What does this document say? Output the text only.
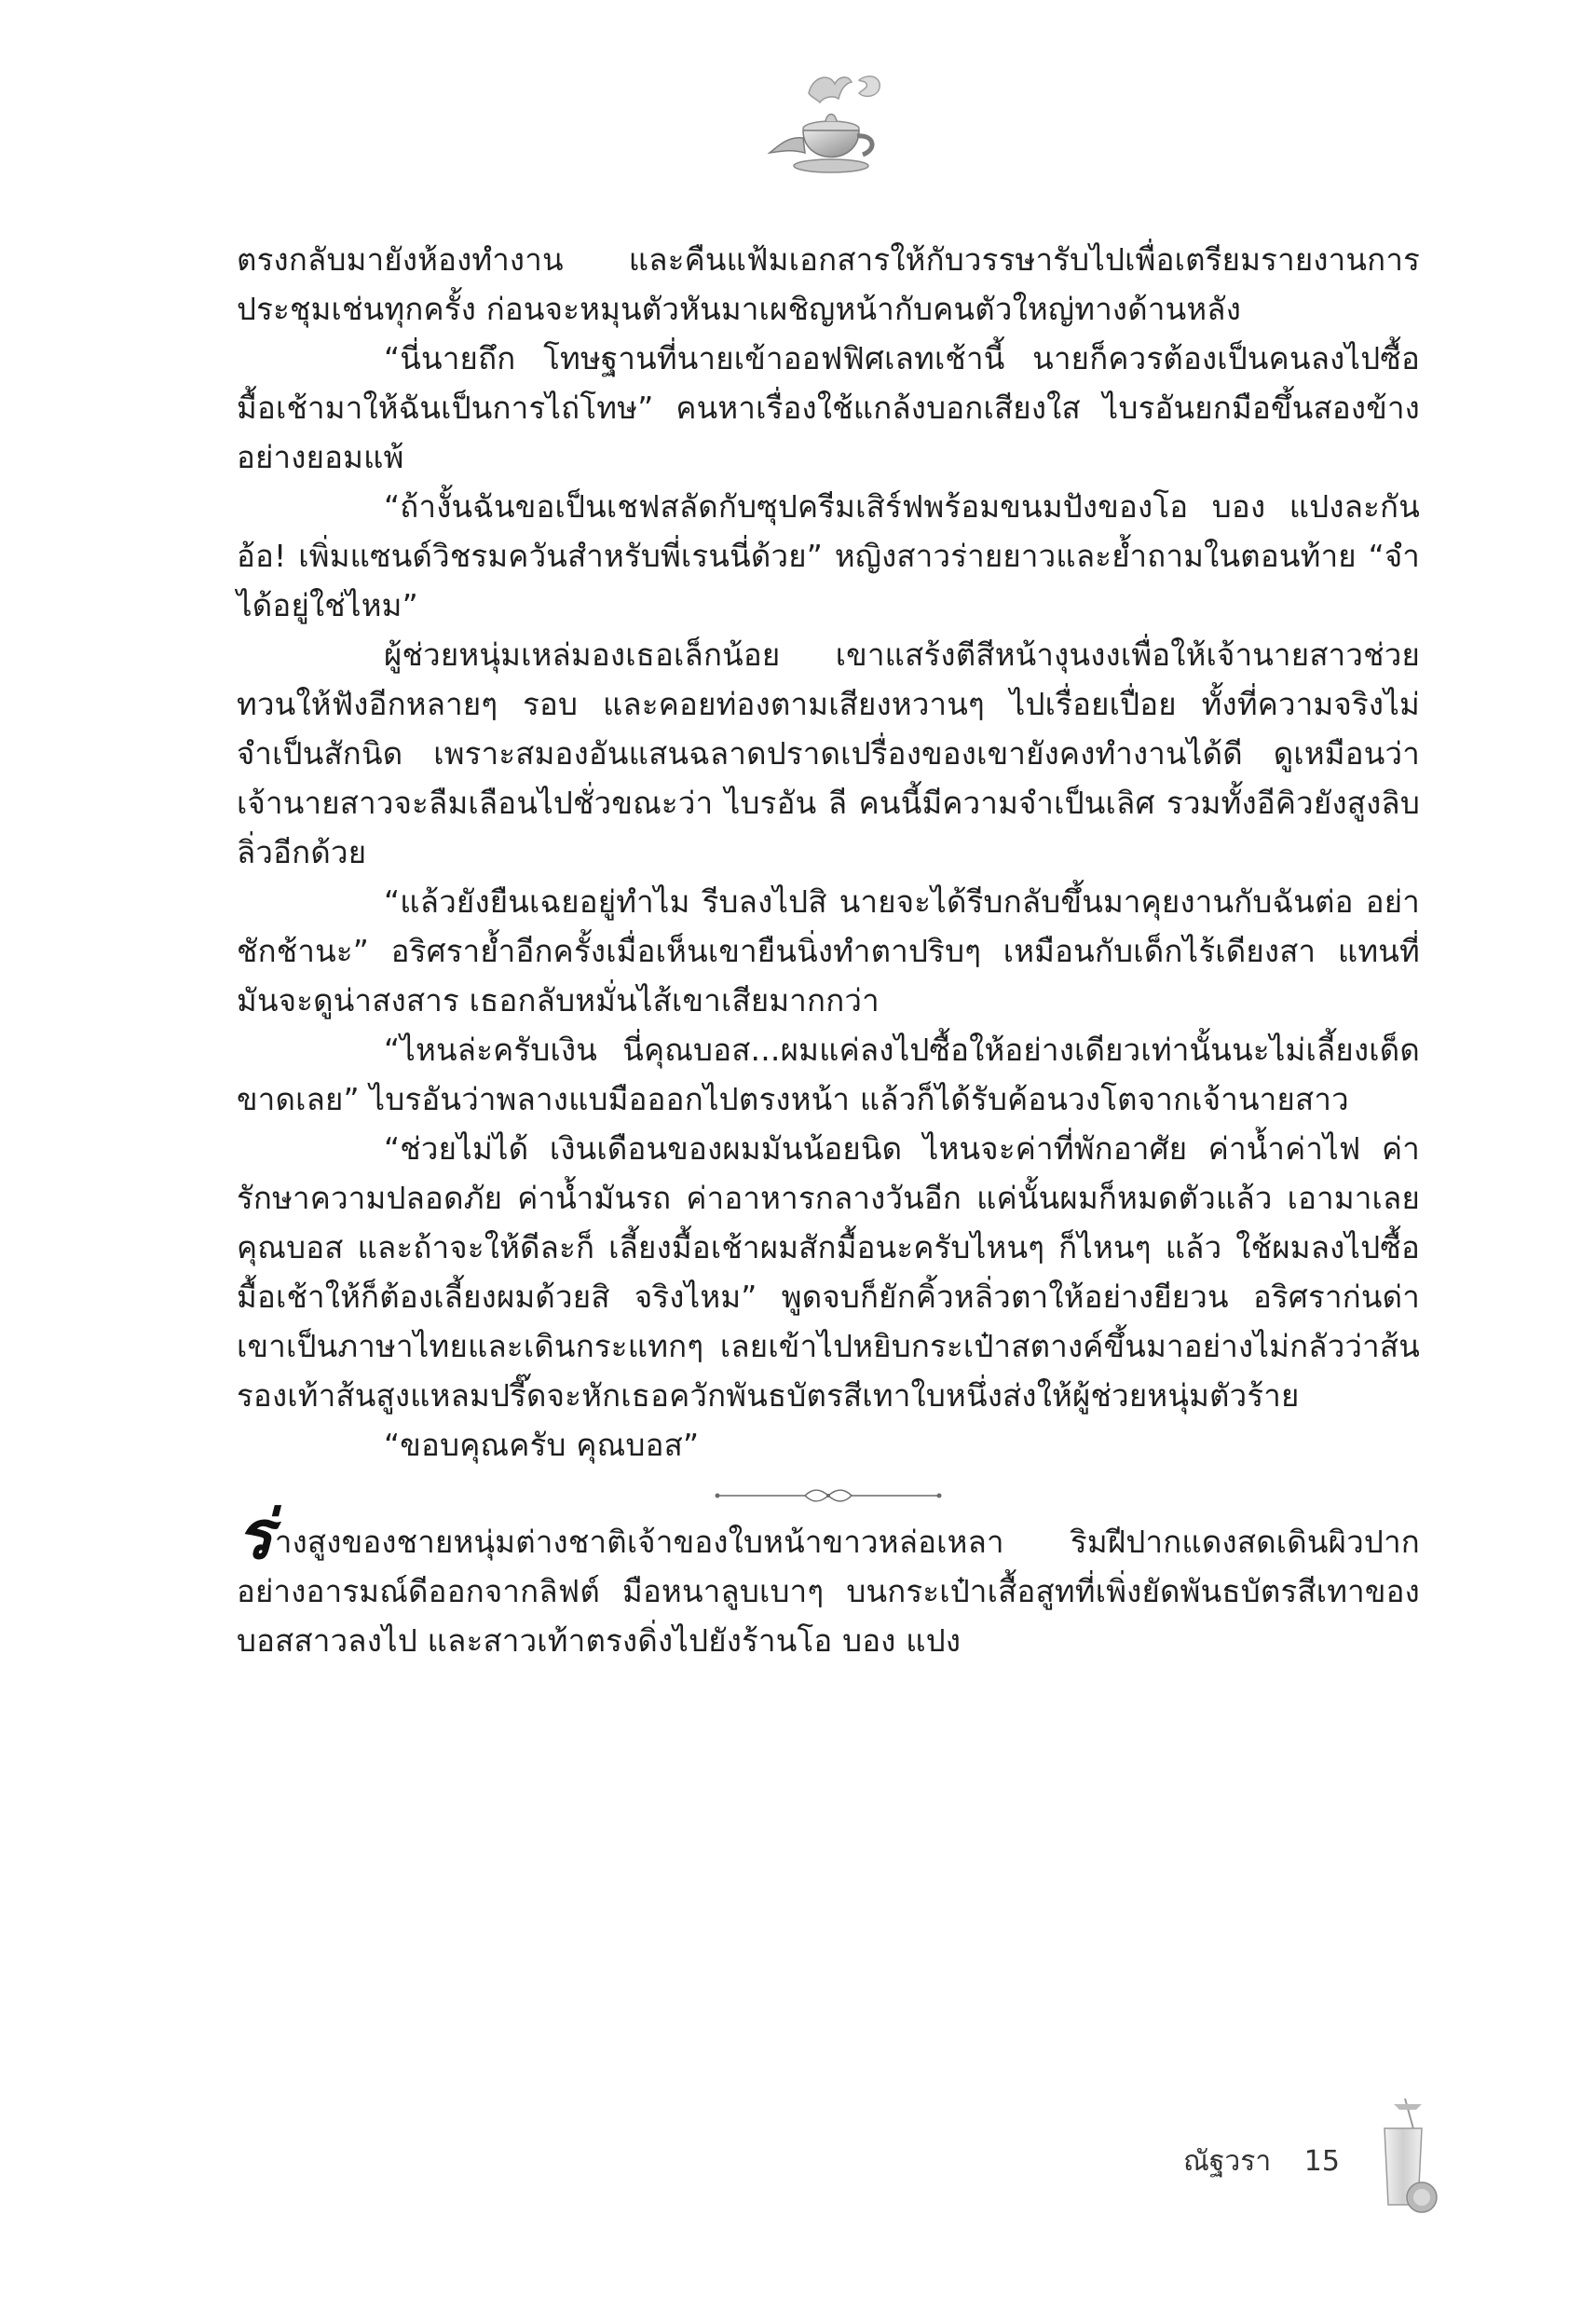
ตรงกลับมายังห้องทำงาน และคืนแฟ้มเอกสารให้กับวรรษารับไปเพื่อเตรียมรายงานการประชุมเช่นทุกครั้ง ก่อนจะหมุนตัวหันมาเผชิญหน้ากับคนตัวใหญ่ทางด้านหลัง

“นี่นายถึก โทษฐานที่นายเข้าออฟฟิศเลทเช้านี้ นายก็ควรต้องเป็นคนลงไปซื้อมื้อเช้ามาให้ฉันเป็นการไถ่โทษ” คนหาเรื่องใช้แกล้งบอกเสียงใส ไบรอันยกมือขึ้นสองข้างอย่างยอมแพ้

“ถ้างั้นฉันขอเป็นเชฟสลัดกับซุปครีมเสิร์ฟพร้อมขนมปังของโอ บอง แปงละกัน อ้อ! เพิ่มแซนด์วิชรมควันสำหรับพี่เรนนี่ด้วย” หญิงสาวร่ายยาวและย้ำถามในตอนท้าย “จำได้อยู่ใช่ไหม”

ผู้ช่วยหนุ่มเหล่มองเธอเล็กน้อย เขาแสร้งตีสีหน้างุนงงเพื่อให้เจ้านายสาวช่วยทวนให้ฟังอีกหลายๆ รอบ และคอยท่องตามเสียงหวานๆ ไปเรื่อยเปื่อย ทั้งที่ความจริงไม่จำเป็นสักนิด เพราะสมองอันแสนฉลาดปราดเปรื่องของเขายังคงทำงานได้ดี ดูเหมือนว่าเจ้านายสาวจะลืมเลือนไปชั่วขณะว่า ไบรอัน ลี คนนี้มีความจำเป็นเลิศ รวมทั้งอีคิวยังสูงลิบลิ่วอีกด้วย

“แล้วยังยืนเฉยอยู่ทำไม รีบลงไปสิ นายจะได้รีบกลับขึ้นมาคุยงานกับฉันต่อ อย่าชักช้านะ” อริศราย้ำอีกครั้งเมื่อเห็นเขายืนนิ่งทำตาปริบๆ เหมือนกับเด็กไร้เดียงสา แทนที่มันจะดูน่าสงสาร เธอกลับหมั่นไส้เขาเสียมากกว่า

“ไหนล่ะครับเงิน นี่คุณบอส...ผมแค่ลงไปซื้อให้อย่างเดียวเท่านั้นนะไม่เลี้ยงเด็ดขาดเลย” ไบรอันว่าพลางแบมือออกไปตรงหน้า แล้วก็ได้รับค้อนวงโตจากเจ้านายสาว

“ช่วยไม่ได้ เงินเดือนของผมมันน้อยนิด ไหนจะค่าที่พักอาศัย ค่าน้ำค่าไฟ ค่ารักษาความปลอดภัย ค่าน้ำมันรถ ค่าอาหารกลางวันอีก แค่นั้นผมก็หมดตัวแล้ว เอามาเลยคุณบอส และถ้าจะให้ดีละก็ เลี้ยงมื้อเช้าผมสักมื้อนะครับไหนๆ ก็ไหนๆ แล้ว ใช้ผมลงไปซื้อมื้อเช้าให้ก็ต้องเลี้ยงผมด้วยสิ จริงไหม” พูดจบก็ยักคิ้วหลิ่วตาให้อย่างยียวน อริศราก่นด่าเขาเป็นภาษาไทยและเดินกระแทกๆ เลยเข้าไปหยิบกระเป๋าสตางค์ขึ้นมาอย่างไม่กลัวว่าส้นรองเท้าส้นสูงแหลมปรี๊ดจะหักเธอควักพันธบัตรสีเทาใบหนึ่งส่งให้ผู้ช่วยหนุ่มตัวร้าย

“ขอบคุณครับ คุณบอส”

ร่างสูงของชายหนุ่มต่างชาติเจ้าของใบหน้าขาวหล่อเหลา ริมฝีปากแดงสดเดินผิวปากอย่างอารมณ์ดีออกจากลิฟต์ มือหนาลูบเบาๆ บนกระเป๋าเสื้อสูทที่เพิ่งยัดพันธบัตรสีเทาของบอสสาวลงไป และสาวเท้าตรงดิ่งไปยังร้านโอ บอง แปง

ณัฐวรา 15
